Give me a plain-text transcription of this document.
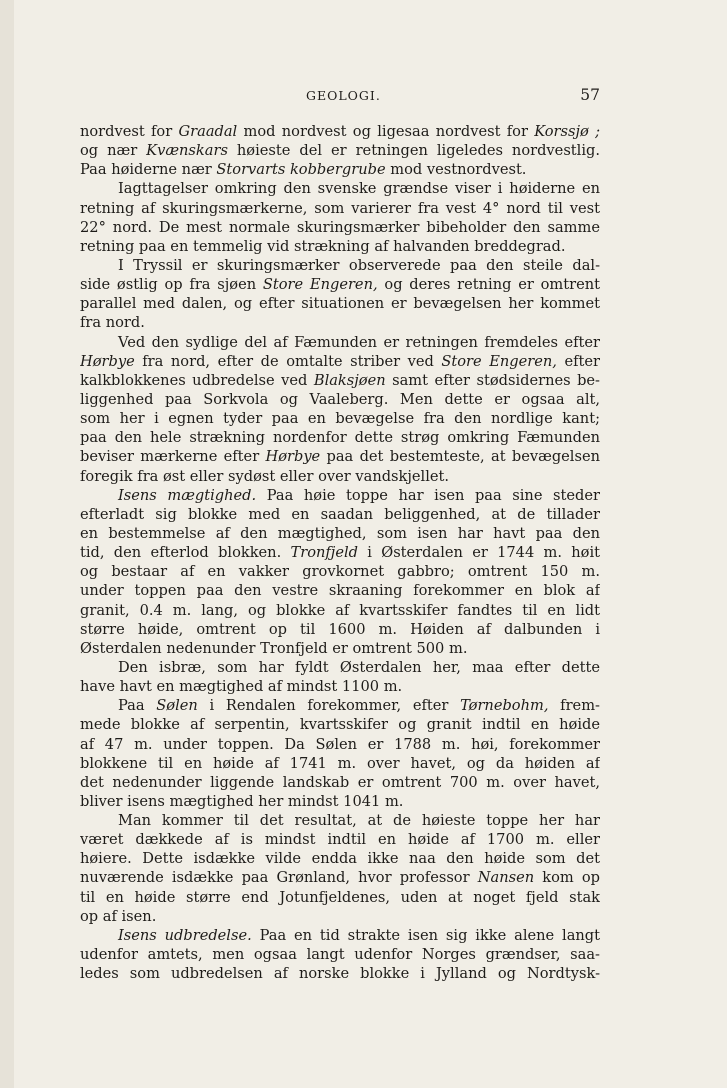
GEOLOGI.	57
nordvest for Graadal mod nordvest og ligesaa nordvest for Korssjø ;
og nær Kvænskars høieste del er retningen ligeledes nordvestlig.
Paa høiderne nær Storvarts kobbergrube mod vestnordvest.
Iagttagelser omkring den svenske grændse viser i høiderne en
retning af skuringsmærkerne, som varierer fra vest 4° nord til vest
22° nord. De mest normale skuringsmærker bibeholder den samme
retning paa en temmelig vid strækning af halvanden breddegrad.
I Tryssil er skuringsmærker observerede paa den steile dal-
side østlig op fra sjøen Store Engeren, og deres retning er omtrent
parallel med dalen, og efter situationen er bevægelsen her kommet
fra nord.
Ved den sydlige del af Fæmunden er retningen fremdeles efter
Hørbye fra nord, efter de omtalte striber ved Store Engeren, efter
kalkblokkenes udbredelse ved Blaksjøen samt efter stødsidernes be-
liggenhed paa Sorkvola og Vaaleberg. Men dette er ogsaa alt,
som her i egnen tyder paa en bevægelse fra den nordlige kant;
paa den hele strækning nordenfor dette strøg omkring Fæmunden
beviser mærkerne efter Hørbye paa det bestemteste, at bevægelsen
foregik fra øst eller sydøst eller over vandskjellet.
Isens mægtighed. Paa høie toppe har isen paa sine steder
efterladt sig blokke med en saadan beliggenhed, at de tillader
en bestemmelse af den mægtighed, som isen har havt paa den
tid, den efterlod blokken. Tronfjeld i Østerdalen er 1744 m. høit
og bestaar af en vakker grovkornet gabbro; omtrent 150 m.
under toppen paa den vestre skraaning forekommer en blok af
granit, 0.4 m. lang, og blokke af kvartsskifer fandtes til en lidt
større høide, omtrent op til 1600 m. Høiden af dalbunden i
Østerdalen nedenunder Tronfjeld er omtrent 500 m.
Den isbræ, som har fyldt Østerdalen her, maa efter dette
have havt en mægtighed af mindst 1100 m.
Paa Sølen i Rendalen forekommer, efter Tørnebohm, frem-
mede blokke af serpentin, kvartsskifer og granit indtil en høide
af 47 m. under toppen. Da Sølen er 1788 m. høi, forekommer
blokkene til en høide af 1741 m. over havet, og da høiden af
det nedenunder liggende landskab er omtrent 700 m. over havet,
bliver isens mægtighed her mindst 1041 m.
Man kommer til det resultat, at de høieste toppe her har
været dækkede af is mindst indtil en høide af 1700 m. eller
høiere. Dette isdække vilde endda ikke naa den høide som det
nuværende isdække paa Grønland, hvor professor Nansen kom op
til en høide større end Jotunfjeldenes, uden at noget fjeld stak
op af isen.
Isens udbredelse. Paa en tid strakte isen sig ikke alene langt
udenfor amtets, men ogsaa langt udenfor Norges grændser, saa-
ledes som udbredelsen af norske blokke i Jylland og Nordtysk-
